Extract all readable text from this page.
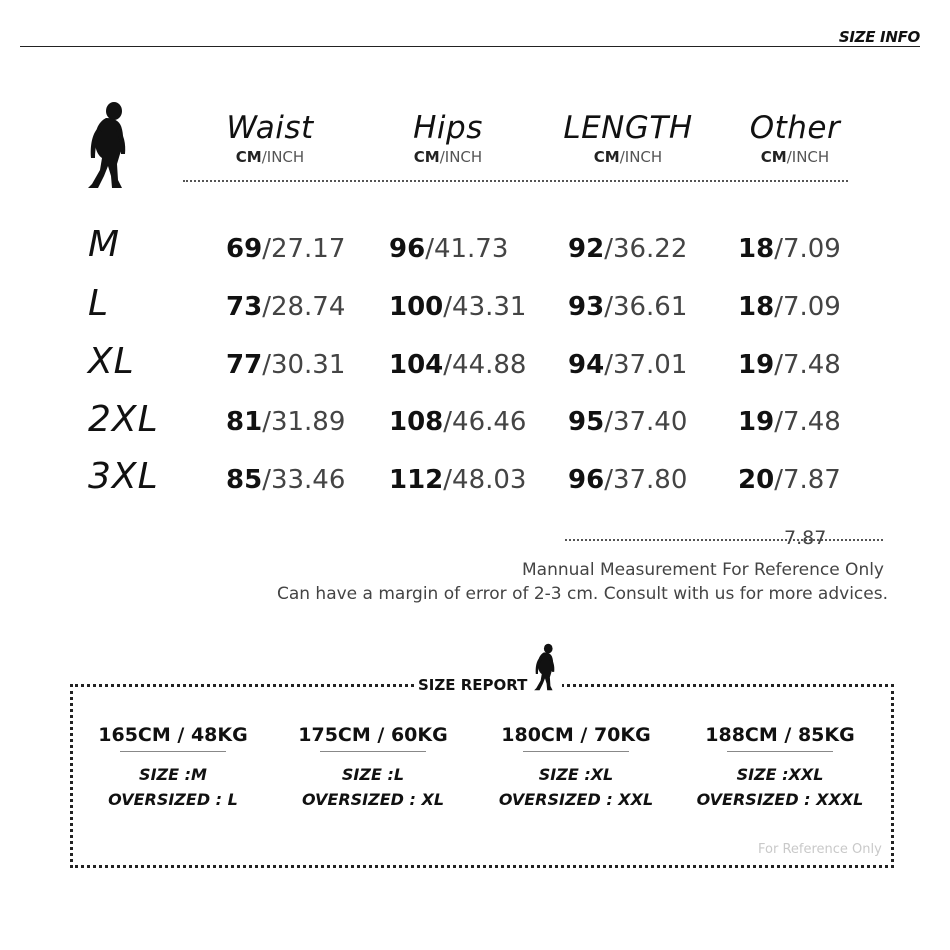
SIZE INFO
Waist
CM/INCH
Hips
CM/INCH
LENGTH
CM/INCH
Other
CM/INCH
M
L
XL
2XL
3XL
69/27.17 96/41.73 92/36.22 18/7.09
73/28.74 100/43.31 93/36.61 18/7.09
77/30.31 104/44.88 94/37.01 19/7.48
81/31.89 108/46.46 95/37.40 19/7.48
85/33.46 112/48.03 96/37.80 20/7.87
7.87
Mannual Measurement For Reference Only
Can have a margin of error of 2-3 cm. Consult with us for more advices.
SIZE REPORT
165CM / 48KG
SIZE :M
OVERSIZED : L
175CM / 60KG
SIZE :L
OVERSIZED : XL
180CM / 70KG
SIZE :XL
OVERSIZED : XXL
188CM / 85KG
SIZE :XXL
OVERSIZED : XXXL
For Reference Only
